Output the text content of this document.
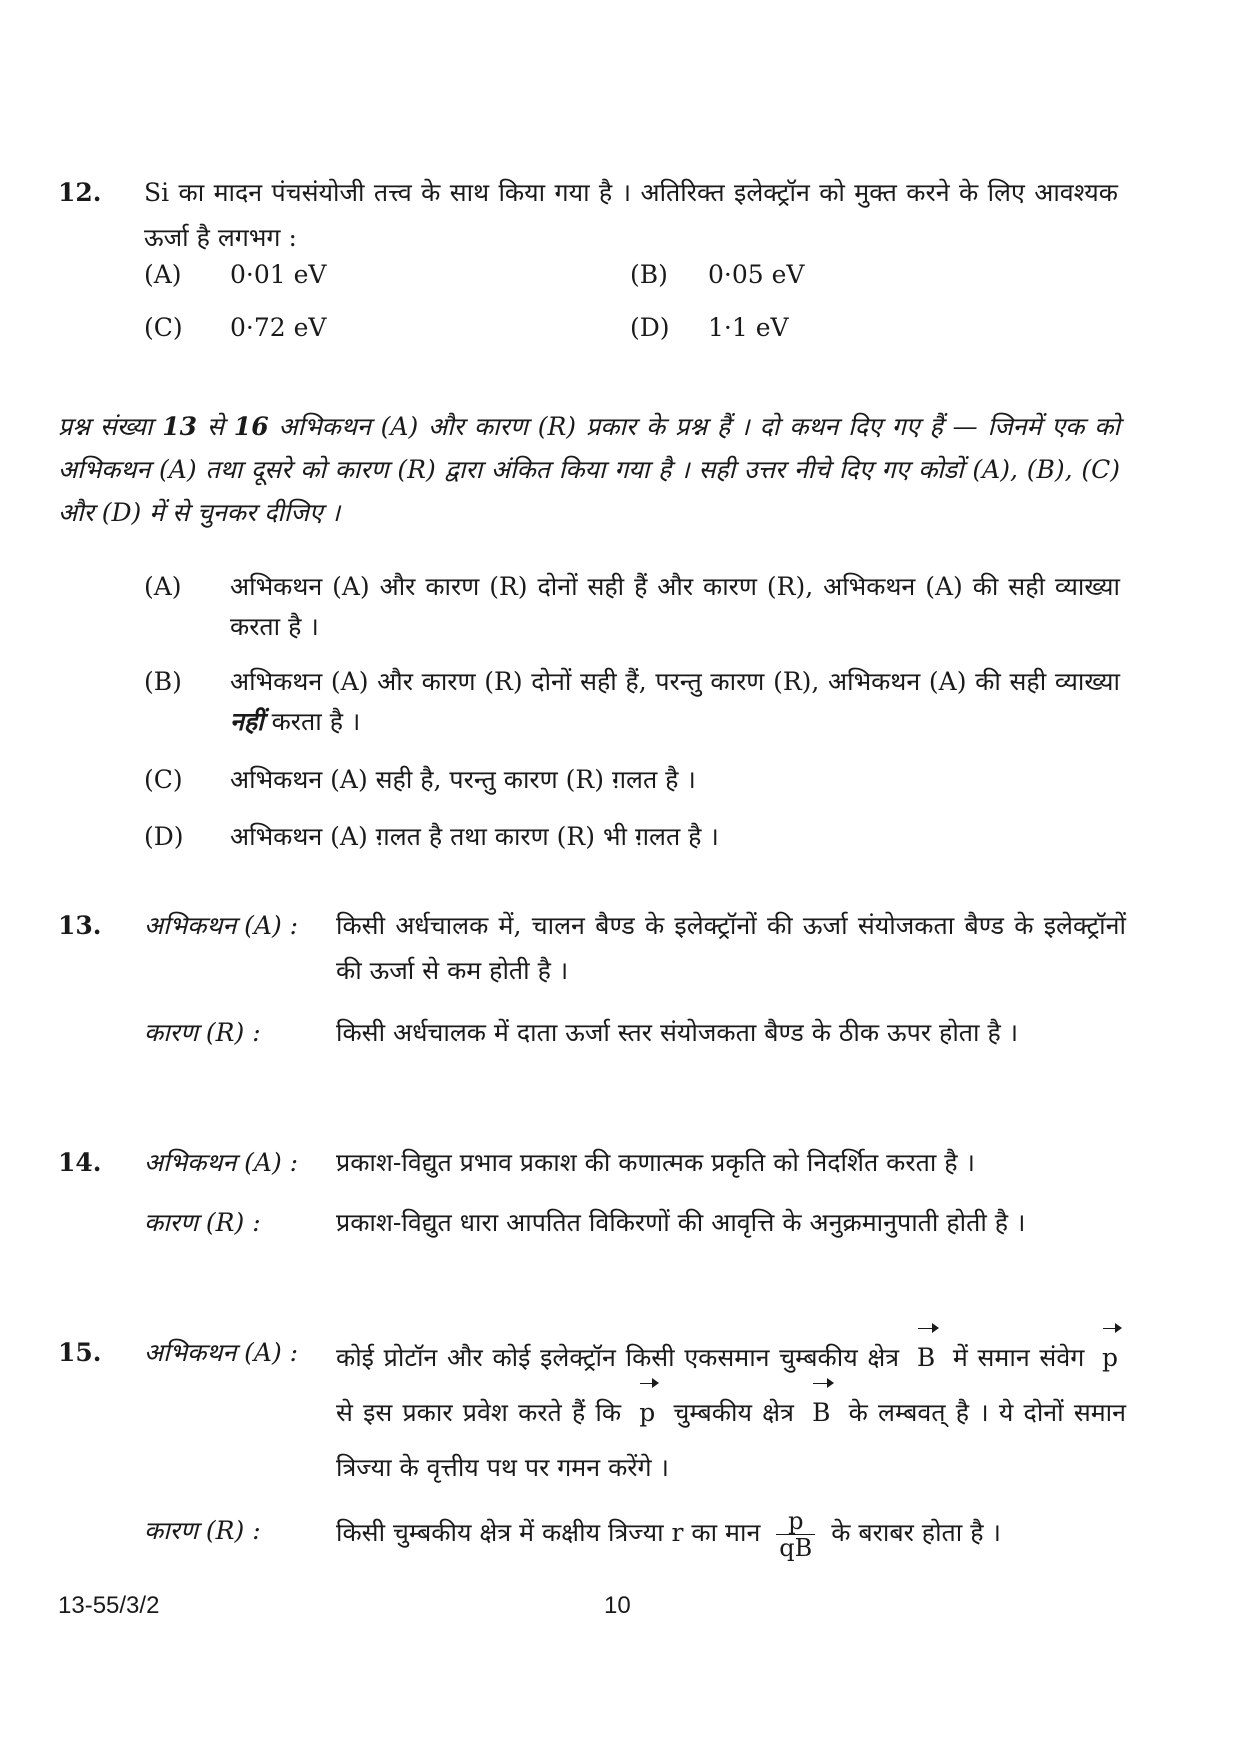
12. Si का मादन पंचसंयोजी तत्त्व के साथ किया गया है । अतिरिक्त इलेक्ट्रॉन को मुक्त करने के लिए आवश्यक ऊर्जा है लगभग :
(A) 0·01 eV	(B) 0·05 eV
(C) 0·72 eV	(D) 1·1 eV
प्रश्न संख्या 13 से 16 अभिकथन (A) और कारण (R) प्रकार के प्रश्न हैं । दो कथन दिए गए हैं — जिनमें एक को अभिकथन (A) तथा दूसरे को कारण (R) द्वारा अंकित किया गया है । सही उत्तर नीचे दिए गए कोडों (A), (B), (C) और (D) में से चुनकर दीजिए ।
(A) अभिकथन (A) और कारण (R) दोनों सही हैं और कारण (R), अभिकथन (A) की सही व्याख्या करता है ।
(B) अभिकथन (A) और कारण (R) दोनों सही हैं, परन्तु कारण (R), अभिकथन (A) की सही व्याख्या नहीं करता है ।
(C) अभिकथन (A) सही है, परन्तु कारण (R) ग़लत है ।
(D) अभिकथन (A) ग़लत है तथा कारण (R) भी ग़लत है ।
13. अभिकथन (A) : किसी अर्धचालक में, चालन बैण्ड के इलेक्ट्रॉनों की ऊर्जा संयोजकता बैण्ड के इलेक्ट्रॉनों की ऊर्जा से कम होती है ।
कारण (R) :	किसी अर्धचालक में दाता ऊर्जा स्तर संयोजकता बैण्ड के ठीक ऊपर होता है ।
14. अभिकथन (A) : प्रकाश-विद्युत प्रभाव प्रकाश की कणात्मक प्रकृति को निदर्शित करता है ।
कारण (R) :	प्रकाश-विद्युत धारा आपतित विकिरणों की आवृत्ति के अनुक्रमानुपाती होती है ।
15. अभिकथन (A) : कोई प्रोटॉन और कोई इलेक्ट्रॉन किसी एकसमान चुम्बकीय क्षेत्र B में समान संवेग p से इस प्रकार प्रवेश करते हैं कि p चुम्बकीय क्षेत्र B के लम्बवत् है । ये दोनों समान त्रिज्या के वृत्तीय पथ पर गमन करेंगे ।
कारण (R) :	किसी चुम्बकीय क्षेत्र में कक्षीय त्रिज्या r का मान $\frac{p}{qB}$ के बराबर होता है ।
13-55/3/2	10
